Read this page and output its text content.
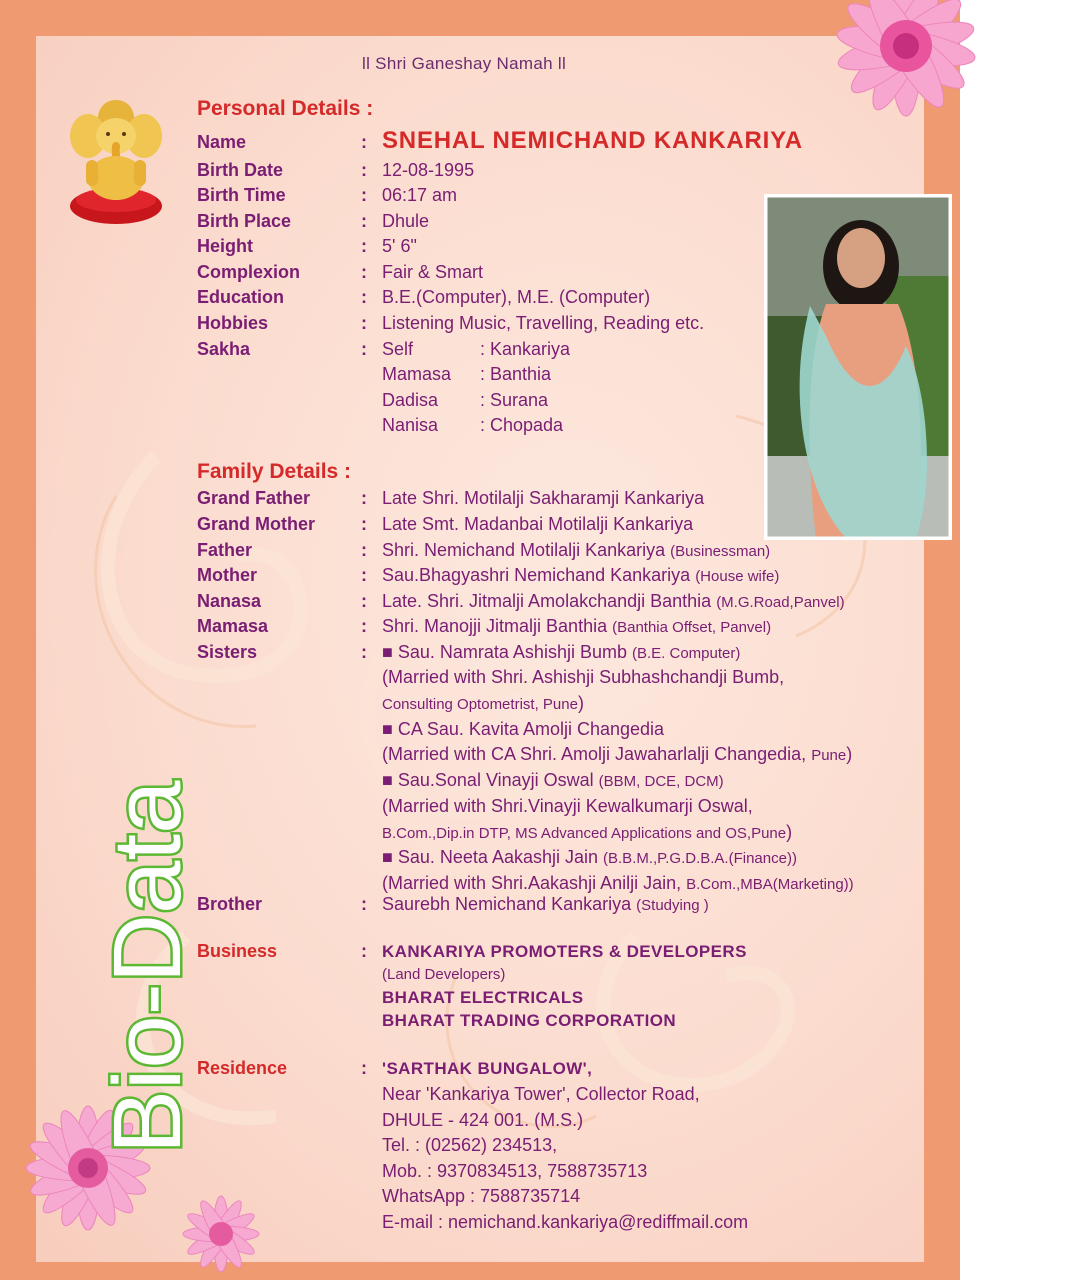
Bio-Data
ll Shri Ganeshay Namah ll
Personal Details :
Name	: SNEHAL NEMICHAND KANKARIYA
Birth Date	: 12-08-1995
Birth Time	: 06:17 am
Birth Place	: Dhule
Height	: 5' 6"
Complexion	: Fair & Smart
Education	: B.E.(Computer), M.E. (Computer)
Hobbies	: Listening Music, Travelling, Reading etc.
Sakha	: Self	: Kankariya
Mamasa : Banthia
Dadisa : Surana
Nanisa : Chopada
Family Details :
Grand Father	: Late Shri. Motilalji Sakharamji Kankariya
Grand Mother	: Late Smt. Madanbai Motilalji Kankariya
Father	: Shri. Nemichand Motilalji Kankariya (Businessman)
Mother	: Sau.Bhagyashri Nemichand Kankariya (House wife)
Nanasa	: Late. Shri. Jitmalji Amolakchandji Banthia (M.G.Road,Panvel)
Mamasa	: Shri. Manojji Jitmalji Banthia (Banthia Offset, Panvel)
Sisters	: ■ Sau. Namrata Ashishji Bumb (B.E. Computer)
(Married with Shri. Ashishji Subhashchandji Bumb,
Consulting Optometrist, Pune)
■ CA Sau. Kavita Amolji Changedia
(Married with CA Shri. Amolji Jawaharlalji Changedia, Pune)
■ Sau.Sonal Vinayji Oswal (BBM, DCE, DCM)
(Married with Shri.Vinayji Kewalkumarji Oswal,
B.Com.,Dip.in DTP, MS Advanced Applications and OS,Pune)
■ Sau. Neeta Aakashji Jain (B.B.M.,P.G.D.B.A.(Finance))
(Married with Shri.Aakashji Anilji Jain, B.Com.,MBA(Marketing))
Brother	: Saurebh Nemichand Kankariya (Studying )
Business	: KANKARIYA PROMOTERS & DEVELOPERS
(Land Developers)
BHARAT ELECTRICALS
BHARAT TRADING CORPORATION
Residence	: 'SARTHAK BUNGALOW',
Near 'Kankariya Tower', Collector Road,
DHULE - 424 001. (M.S.)
Tel. : (02562) 234513,
Mob. : 9370834513, 7588735713
WhatsApp : 7588735714
E-mail : nemichand.kankariya@rediffmail.com
